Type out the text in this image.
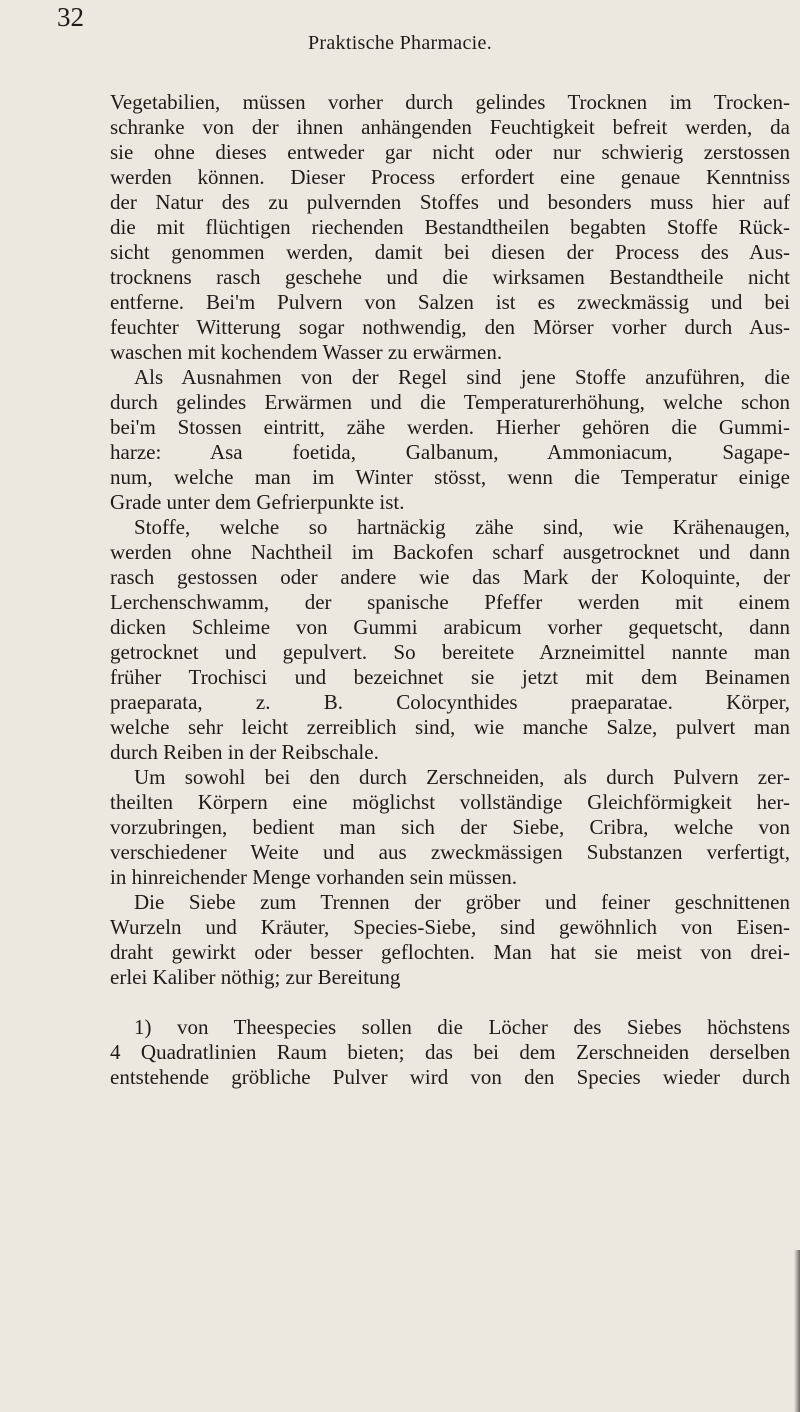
32
Praktische Pharmacie.
Vegetabilien, müssen vorher durch gelindes Trocknen im Trocken-
schranke von der ihnen anhängenden Feuchtigkeit befreit werden, da
sie ohne dieses entweder gar nicht oder nur schwierig zerstossen
werden können. Dieser Process erfordert eine genaue Kenntniss
der Natur des zu pulvernden Stoffes und besonders muss hier auf
die mit flüchtigen riechenden Bestandtheilen begabten Stoffe Rück-
sicht genommen werden, damit bei diesen der Process des Aus-
trocknens rasch geschehe und die wirksamen Bestandtheile nicht
entferne. Bei'm Pulvern von Salzen ist es zweckmässig und bei
feuchter Witterung sogar nothwendig, den Mörser vorher durch Aus-
waschen mit kochendem Wasser zu erwärmen.
Als Ausnahmen von der Regel sind jene Stoffe anzuführen, die
durch gelindes Erwärmen und die Temperaturerhöhung, welche schon
bei'm Stossen eintritt, zähe werden. Hierher gehören die Gummi-
harze: Asa foetida, Galbanum, Ammoniacum, Sagape-
num, welche man im Winter stösst, wenn die Temperatur einige
Grade unter dem Gefrierpunkte ist.
Stoffe, welche so hartnäckig zähe sind, wie Krähenaugen,
werden ohne Nachtheil im Backofen scharf ausgetrocknet und dann
rasch gestossen oder andere wie das Mark der Koloquinte, der
Lerchenschwamm, der spanische Pfeffer werden mit einem
dicken Schleime von Gummi arabicum vorher gequetscht, dann
getrocknet und gepulvert. So bereitete Arzneimittel nannte man
früher Trochisci und bezeichnet sie jetzt mit dem Beinamen
praeparata, z. B. Colocynthides praeparatae. Körper,
welche sehr leicht zerreiblich sind, wie manche Salze, pulvert man
durch Reiben in der Reibschale.
Um sowohl bei den durch Zerschneiden, als durch Pulvern zer-
theilten Körpern eine möglichst vollständige Gleichförmigkeit her-
vorzubringen, bedient man sich der Siebe, Cribra, welche von
verschiedener Weite und aus zweckmässigen Substanzen verfertigt,
in hinreichender Menge vorhanden sein müssen.
Die Siebe zum Trennen der gröber und feiner geschnittenen
Wurzeln und Kräuter, Species-Siebe, sind gewöhnlich von Eisen-
draht gewirkt oder besser geflochten. Man hat sie meist von drei-
erlei Kaliber nöthig; zur Bereitung
1) von Theespecies sollen die Löcher des Siebes höchstens
4 Quadratlinien Raum bieten; das bei dem Zerschneiden derselben
entstehende gröbliche Pulver wird von den Species wieder durch
